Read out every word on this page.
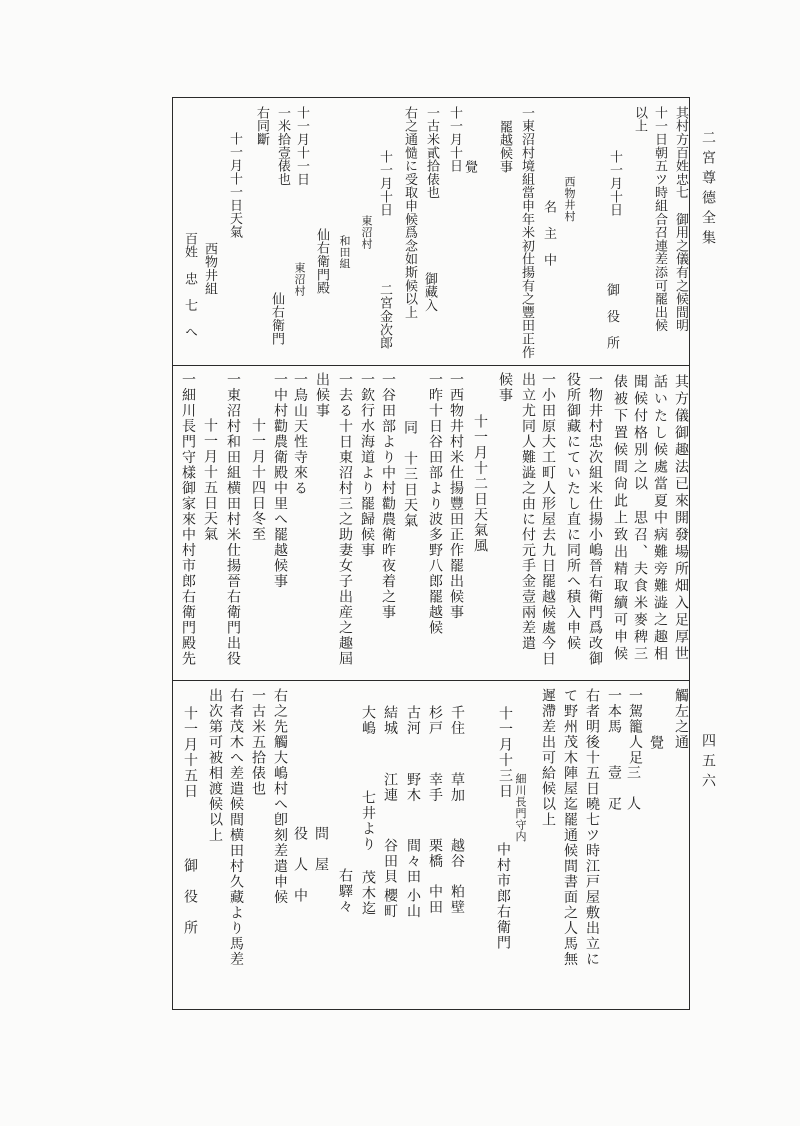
二宮尊德全集
四五六
其村方百姓忠七　御用之儀有之候間明
十一日朝五ツ時組合召連差添可罷出候
以上
十一月十日
御　役　所
西物井村
名　主　中
一東沼村境組當申年米初仕揚有之豐田正作
罷越候事
覺
十一月十日
一古米貳拾俵也
御藏入
右之通慥に受取申候爲念如斯候以上
十一月十日
二宮金次郎
東沼村
和田組
仙右衛門殿
十一月十一日
東沼村
一米拾壹俵也
仙右衛門
右同斷
十一月十一日天氣
西物井組
百姓　忠　七　へ
其方儀御趣法已來開發場所畑入足厚世
話いたし候處當夏中病難旁難澁之趣相
聞候付格別之以　思召、夫食米麥稗三
俵被下置候間尙此上致出精取續可申候
一物井村忠次組米仕揚小嶋晉右衛門爲改御
役所御藏にていたし直に同所へ積入申候
一小田原大工町人形屋去九日罷越候處今日
出立尤同人難澁之由に付元手金壹兩差遣
候事
十一月十二日天氣風
一西物井村米仕揚豐田正作罷出候事
一昨十日谷田部より波多野八郎罷越候
同　十三日天氣
一谷田部より中村勸農衛昨夜着之事
一欽行水海道より罷歸候事
一去る十日東沼村三之助妻女子出産之趣屆
出候事
一鳥山天性寺來る
一中村勸農衛殿中里へ罷越候事
十一月十四日冬至
一東沼村和田組横田村米仕揚晉右衛門出役
十一月十五日天氣
一細川長門守樣御家來中村市郎右衛門殿先
觸左之通
覺
一駕籠人足
三　人
一本馬
壹　疋
右者明後十五日曉七ツ時江戸屋敷出立に
て野州茂木陣屋迄罷通候間書面之人馬無
遲滯差出可給候以上
細川長門守内
十一月十三日
中村市郎右衛門
千住
草加
越谷
粕壁
杉戸
幸手
栗橋
中田
古河
野木
間々田
小山
結城
江連
谷田貝
櫻町
大嶋
七井より
茂木迄
右驛々
問　屋
役　人　中
右之先觸大嶋村へ卽刻差遣申候
一古米五拾俵也
右者茂木へ差遣候間横田村久藏より馬差
出次第可被相渡候以上
十一月十五日
御　役　所
